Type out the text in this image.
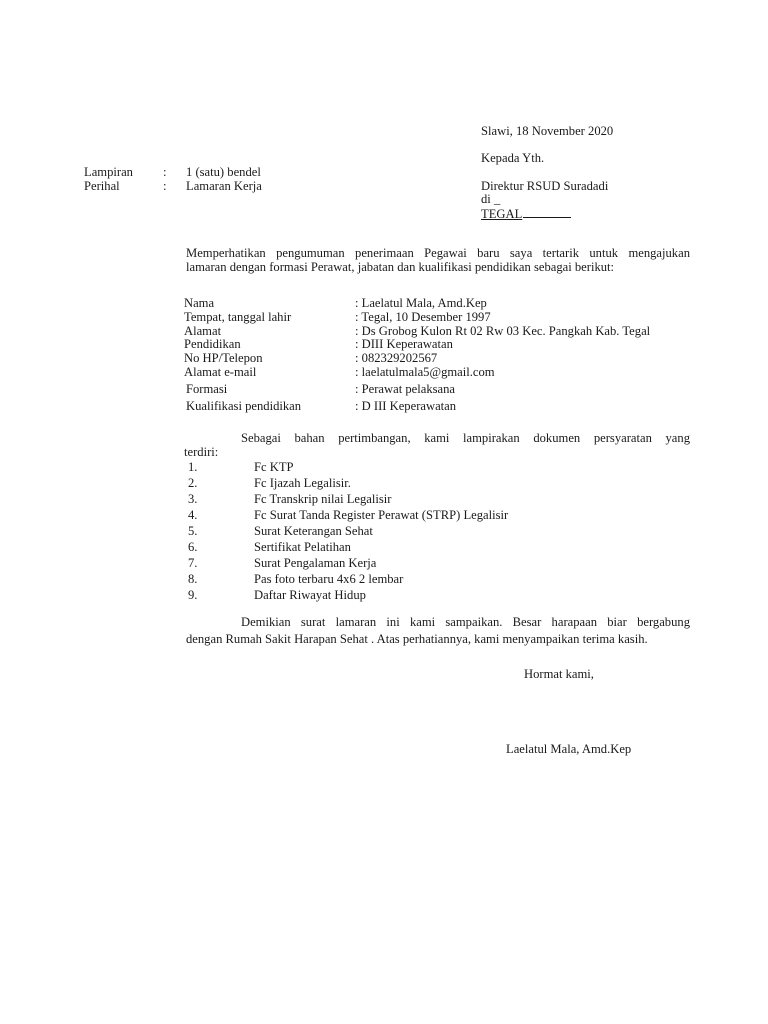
Slawi, 18 November 2020
Kepada Yth.
Direktur RSUD Suradadi
di _
TEGAL
Lampiran : 1 (satu) bendel
Perihal	: Lamaran Kerja
Memperhatikan pengumuman penerimaan Pegawai baru saya tertarik untuk mengajukan
lamaran dengan formasi Perawat, jabatan dan kualifikasi pendidikan sebagai berikut:
Nama	: Laelatul Mala, Amd.Kep
Tempat, tanggal lahir	: Tegal, 10 Desember 1997
Alamat	: Ds Grobog Kulon Rt 02 Rw 03 Kec. Pangkah Kab. Tegal
Pendidikan	: DIII Keperawatan
No HP/Telepon	: 082329202567
Alamat e-mail	: laelatulmala5@gmail.com
Formasi	: Perawat pelaksana
Kualifikasi pendidikan	: D III Keperawatan
Sebagai bahan pertimbangan, kami lampirakan dokumen persyaratan yang
terdiri:
1.	Fc KTP
2.	Fc Ijazah Legalisir.
3.	Fc Transkrip nilai Legalisir
4.	Fc Surat Tanda Register Perawat (STRP) Legalisir
5.	Surat Keterangan Sehat
6.	Sertifikat Pelatihan
7.	Surat Pengalaman Kerja
8.	Pas foto terbaru 4x6 2 lembar
9.	Daftar Riwayat Hidup
Demikian surat lamaran ini kami sampaikan. Besar harapaan biar bergabung
dengan Rumah Sakit Harapan Sehat . Atas perhatiannya, kami menyampaikan terima kasih.
Hormat kami,
Laelatul Mala, Amd.Kep
